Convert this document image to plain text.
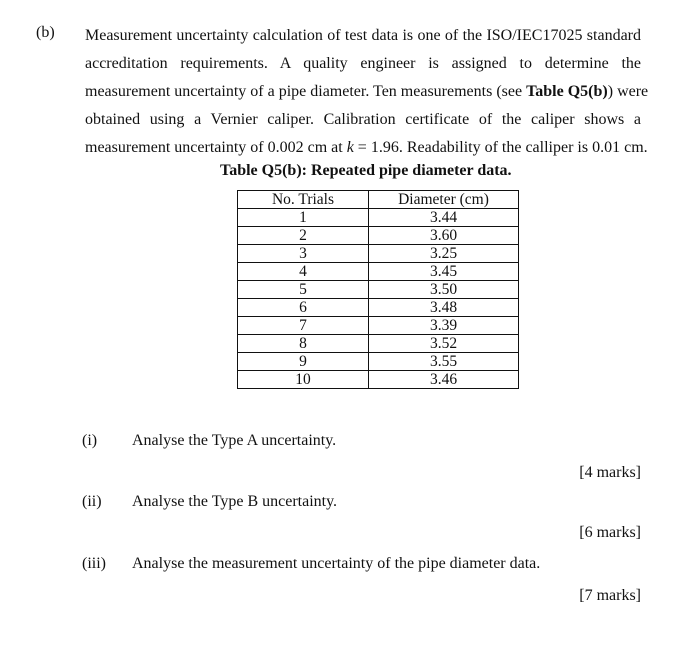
(b) Measurement uncertainty calculation of test data is one of the ISO/IEC17025 standard
accreditation requirements. A quality engineer is assigned to determine the
measurement uncertainty of a pipe diameter. Ten measurements (see Table Q5(b)) were
obtained using a Vernier caliper. Calibration certificate of the caliper shows a
measurement uncertainty of 0.002 cm at k = 1.96. Readability of the calliper is 0.01 cm.
Table Q5(b): Repeated pipe diameter data.
No. Trials	Diameter (cm)
1	3.44
2	3.60
3	3.25
4	3.45
5	3.50
6	3.48
7	3.39
8	3.52
9	3.55
10	3.46
(i) Analyse the Type A uncertainty.
[4 marks]
(ii) Analyse the Type B uncertainty.
[6 marks]
(iii) Analyse the measurement uncertainty of the pipe diameter data.
[7 marks]
